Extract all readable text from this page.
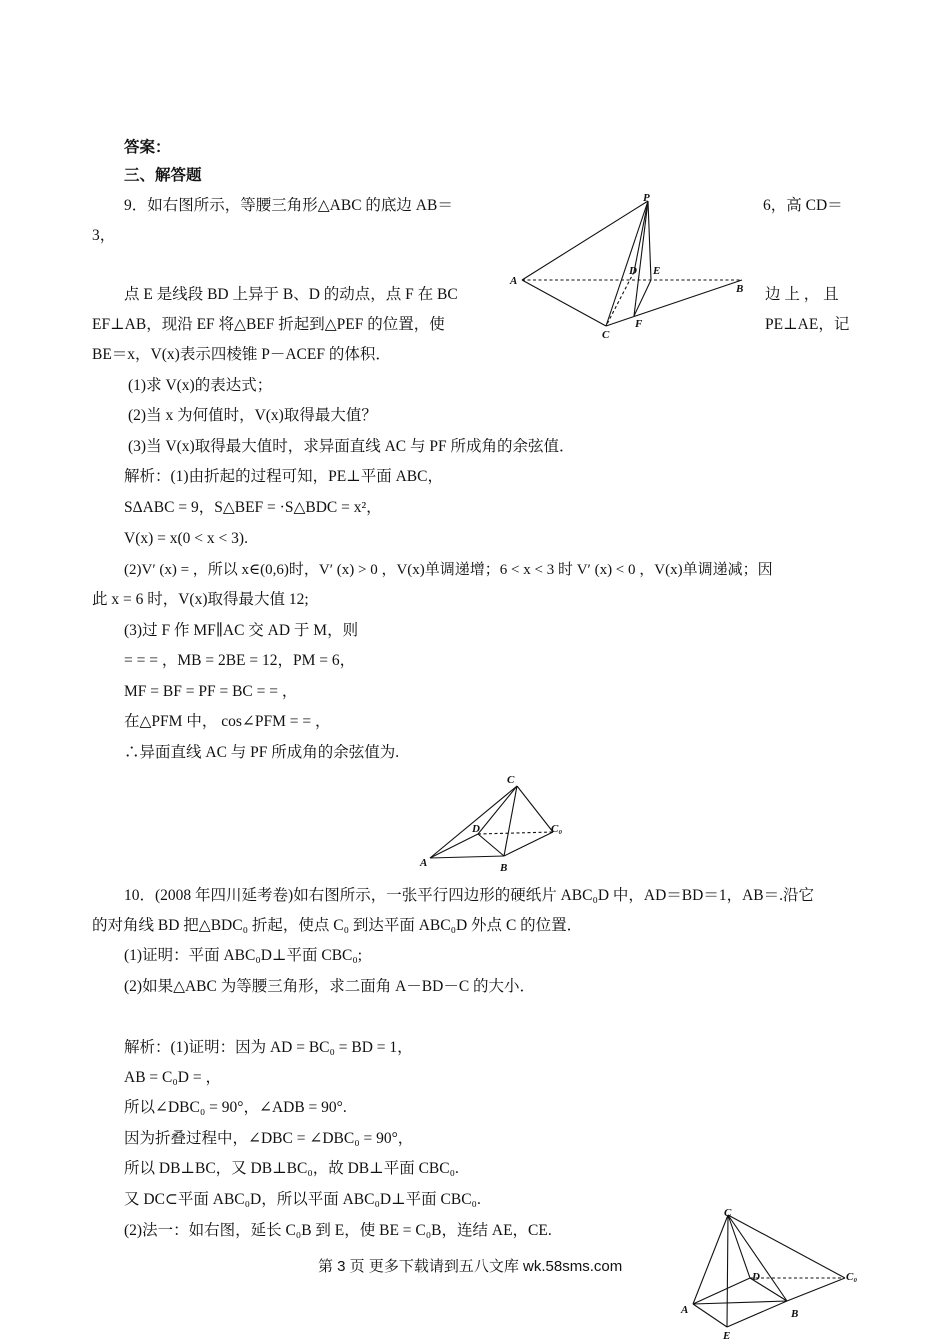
答案：
三、解答题
9．如右图所示，等腰三角形△ABC 的底边 AB＝	6，高 CD＝
3，
点 E 是线段 BD 上异于 B、D 的动点，点 F 在 BC	边 上 ， 且
EF⊥AB，现沿 EF 将△BEF 折起到△PEF 的位置，使	PE⊥AE，记
BE＝x，V(x)表示四棱锥 P－ACEF 的体积．
(1)求 V(x)的表达式；
(2)当 x 为何值时，V(x)取得最大值？
(3)当 V(x)取得最大值时，求异面直线 AC 与 PF 所成角的余弦值．
解析：(1)由折起的过程可知，PE⊥平面 ABC，
SΔABC = 9，S△BEF = ·S△BDC = x²，
V(x) = x(0 < x < 3).
(2)V′ (x) = ，所以 x∈(0,6)时，V′ (x) > 0 ，V(x)单调递增；6 < x < 3 时 V′ (x) < 0 ，V(x)单调递减；因
此 x = 6 时，V(x)取得最大值 12;
(3)过 F 作 MF∥AC 交 AD 于 M，则
= = = ，MB = 2BE = 12，PM = 6，
MF = BF = PF = BC = = ，
在△PFM 中， cos∠PFM = = ，
∴异面直线 AC 与 PF 所成角的余弦值为.
10．(2008 年四川延考卷)如右图所示，一张平行四边形的硬纸片 ABC₀D 中，AD＝BD＝1，AB＝.沿它
的对角线 BD 把△BDC₀ 折起，使点 C₀ 到达平面 ABC₀D 外点 C 的位置．
(1)证明：平面 ABC₀D⊥平面 CBC₀;
(2)如果△ABC 为等腰三角形，求二面角 A－BD－C 的大小．
解析：(1)证明：因为 AD = BC₀ = BD = 1，
AB = C₀D = ，
所以∠DBC₀ = 90°，∠ADB = 90°.
因为折叠过程中，∠DBC = ∠DBC₀ = 90°，
所以 DB⊥BC，又 DB⊥BC₀，故 DB⊥平面 CBC₀.
又 DC⊂平面 ABC₀D，所以平面 ABC₀D⊥平面 CBC₀.
(2)法一：如右图，延长 C₀B 到 E，使 BE = C₀B，连结 AE，CE.
第 3 页 更多下载请到五八文库 wk.58sms.com
P
A
D E
B
C
F
C
D	C₀
A	B
C
D	C₀
A	B
E
